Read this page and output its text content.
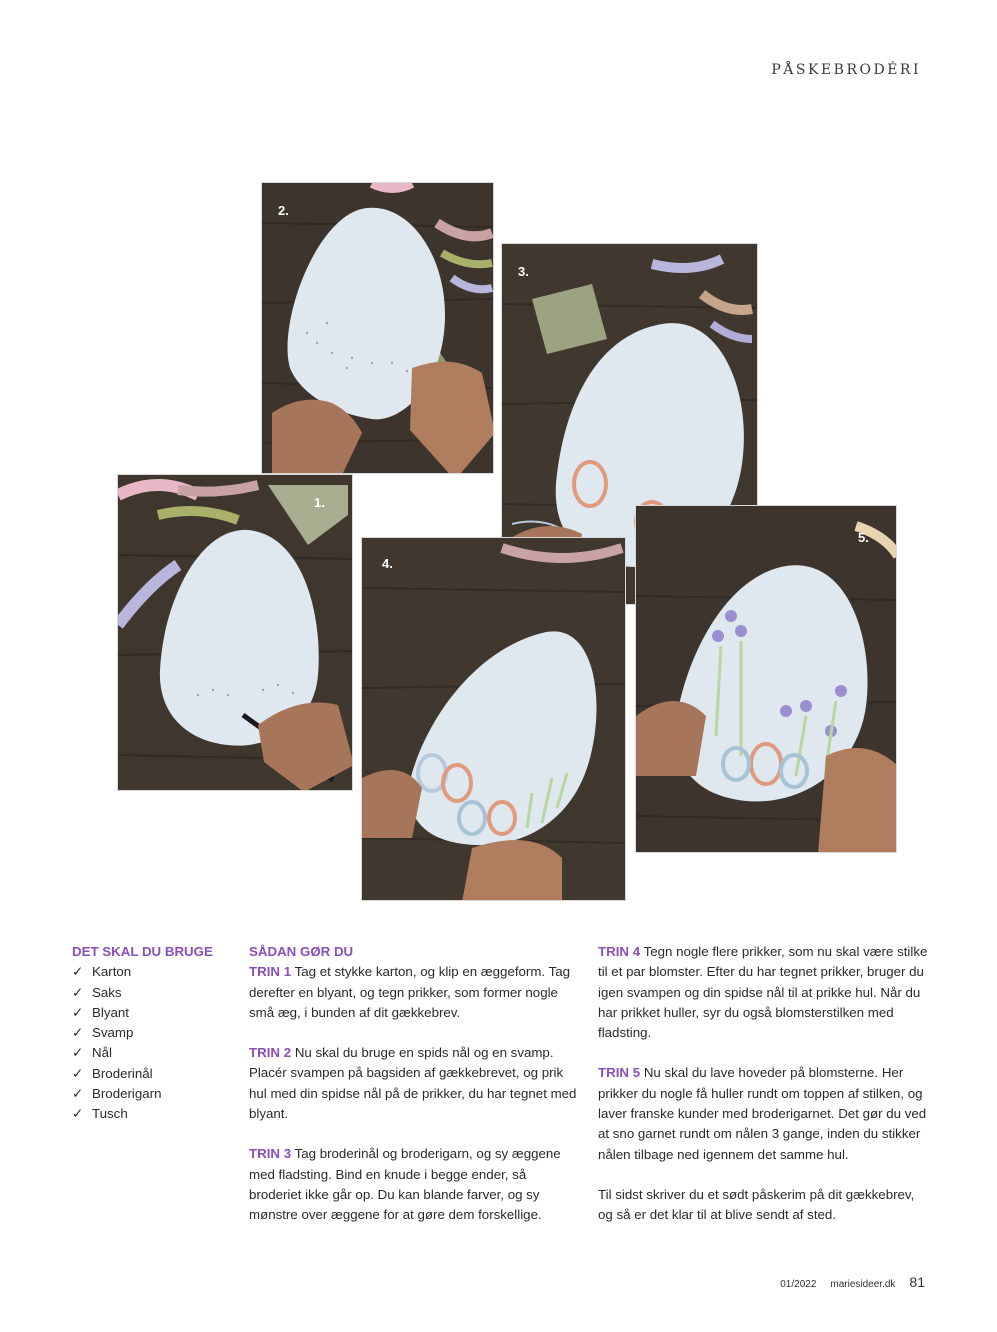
PÅSKEBRODÉRI
2.
3.
1.
4.
5.
DET SKAL DU BRUGE
✓ Karton
✓ Saks
✓ Blyant
✓ Svamp
✓ Nål
✓ Broderinål
✓ Broderigarn
✓ Tusch
SÅDAN GØR DU

TRIN 1 Tag et stykke karton, og klip en æggeform. Tag derefter en blyant, og tegn prikker, som former nogle små æg, i bunden af dit gækkebrev.

TRIN 2 Nu skal du bruge en spids nål og en svamp. Placér svampen på bagsiden af gækkebrevet, og prik hul med din spidse nål på de prikker, du har tegnet med blyant.

TRIN 3 Tag broderinål og broderigarn, og sy æggene med fladsting. Bind en knude i begge ender, så broderiet ikke går op. Du kan blande farver, og sy mønstre over æggene for at gøre dem forskellige.

TRIN 4 Tegn nogle flere prikker, som nu skal være stilke til et par blomster. Efter du har tegnet prikker, bruger du igen svampen og din spidse nål til at prikke hul. Når du har prikket huller, syr du også blomsterstilken med fladsting.

TRIN 5 Nu skal du lave hoveder på blomsterne. Her prikker du nogle få huller rundt om toppen af stilken, og laver franske kunder med broderigarnet. Det gør du ved at sno garnet rundt om nålen 3 gange, inden du stikker nålen tilbage ned igennem det samme hul.

Til sidst skriver du et sødt påskerim på dit gækkebrev, og så er det klar til at blive sendt af sted.

01/2022 mariesideer.dk 81
